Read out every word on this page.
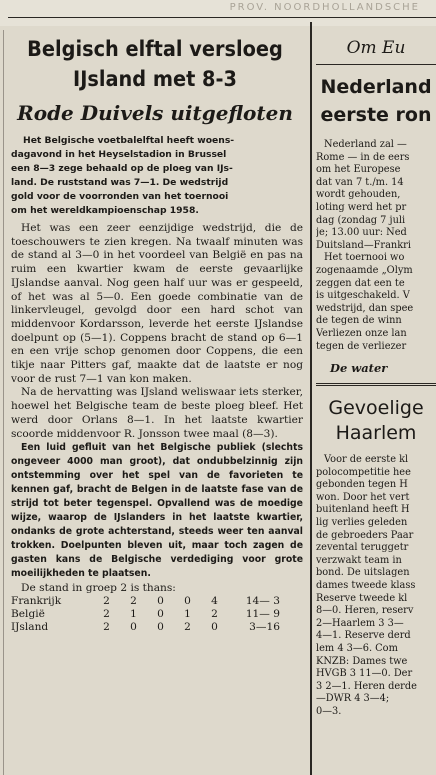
PROV. NOORDHOLLANDSCHE
Belgisch elftal versloeg
IJsland met 8-3
Rode Duivels uitgefloten
Het Belgische voetbalelftal heeft woens-
dagavond in het Heyselstadion in Brussel
een 8—3 zege behaald op de ploeg van IJs-
land. De ruststand was 7—1. De wedstrijd
gold voor de voorronden van het toernooi
om het wereldkampioenschap 1958.

Het was een zeer eenzijdige wedstrijd, die de toeschouwers te zien kregen. Na twaalf minuten was de stand al 3—0 in het voordeel van België en pas na ruim een kwartier kwam de eerste gevaarlijke IJslandse aanval. Nog geen half uur was er gespeeld, of het was al 5—0. Een goede combinatie van de linkervleugel, gevolgd door een hard schot van middenvoor Kordarsson, leverde het eerste IJslandse doelpunt op (5—1). Coppens bracht de stand op 6—1 en een vrije schop genomen door Coppens, die een tikje naar Pitters gaf, maakte dat de laatste er nog voor de rust 7—1 van kon maken.

Na de hervatting was IJsland weliswaar iets sterker, hoewel het Belgische team de beste ploeg bleef. Het werd door Orlans 8—1. In het laatste kwartier scoorde middenvoor R. Jonsson twee maal (8—3).

Een luid gefluit van het Belgische publiek (slechts ongeveer 4000 man groot), dat ondubbelzinnig zijn ontstemming over het spel van de favorieten te kennen gaf, bracht de Belgen in de laatste fase van de strijd tot beter tegenspel. Opvallend was de moedige wijze, waarop de IJslanders in het laatste kwartier, ondanks de grote achterstand, steeds weer ten aanval trokken. Doelpunten bleven uit, maar toch zagen de gasten kans de Belgische verdediging voor grote moeilijkheden te plaatsen.

De stand in groep 2 is thans:
Frankrijk	2	2	0	0	4	14— 3
België	2	1	0	1	2	11— 9
IJsland	2	0	0	2	0	3—16
Om Eu
Nederland
eerste ron

Nederland zal —

Rome — in de eers

om het Europese

dat van 7 t./m. 14

wordt gehouden,

loting werd het pr

dag (zondag 7 juli

je; 13.00 uur: Ned

Duitsland—Frankri

Het toernooi wo

zogenaamde „Olym

zeggen dat een te

is uitgeschakeld. V

wedstrijd, dan spee

de tegen de winn

Verliezen onze lan

tegen de verliezer

De water
Gevoelige
Haarlem

Voor de eerste kl

polocompetitie hee

gebonden tegen H

won. Door het vert

buitenland heeft H

lig verlies geleden

de gebroeders Paar

zevental teruggetr

verzwakt team in

bond. De uitslagen

dames tweede klass

Reserve tweede kl

8—0. Heren, reserv

2—Haarlem 3 3—

4—1. Reserve derd

lem 4 3—6. Com

KNZB: Dames twe

HVGB 3 11—0. Der

3 2—1. Heren derde

—DWR 4 3—4;

0—3.
